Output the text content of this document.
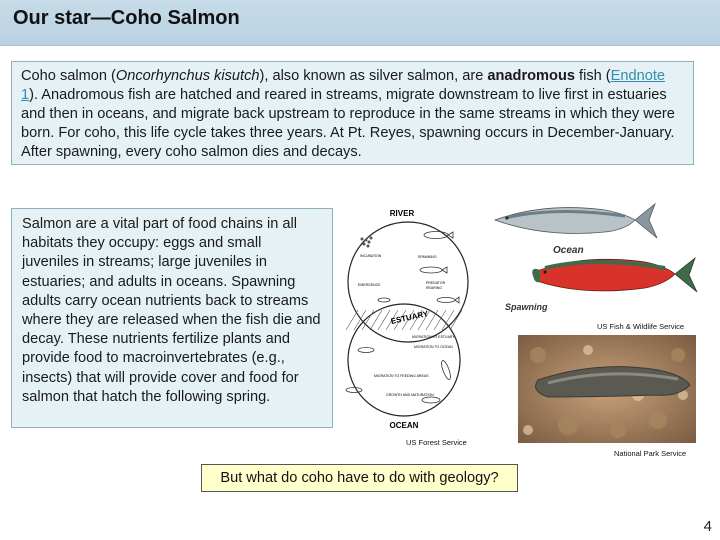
Our star—Coho Salmon
Coho salmon (Oncorhynchus kisutch), also known as silver salmon, are anadromous fish (Endnote 1). Anadromous fish are hatched and reared in streams, migrate downstream to live first in estuaries and then in oceans, and migrate back upstream to reproduce in the same streams in which they were born. For coho, this life cycle takes three years. At Pt. Reyes, spawning occurs in December-January. After spawning, every coho salmon dies and decays.
Salmon are a vital part of food chains in all habitats they occupy: eggs and small juveniles in streams; large juveniles in estuaries; and adults in oceans. Spawning adults carry ocean nutrients back to streams where they are released when the fish die and decay. These nutrients fertilize plants and provide food to macroinvertebrates (e.g., insects) that will provide cover and food for salmon that hatch the following spring.
RIVER
ESTUARY
OCEAN
INCUBATION	SPAWNING
EMERGENCE	PREDATOR
REARING
MIGRATION TO ESTUARY
MIGRATION TO OCEAN
MIGRATION TO FEEDING AREAS
GROWTH AND MATURATION
US Forest Service
Ocean
Spawning
US Fish & Wildlife Service
National Park Service
But what do coho have to do with geology?
4
